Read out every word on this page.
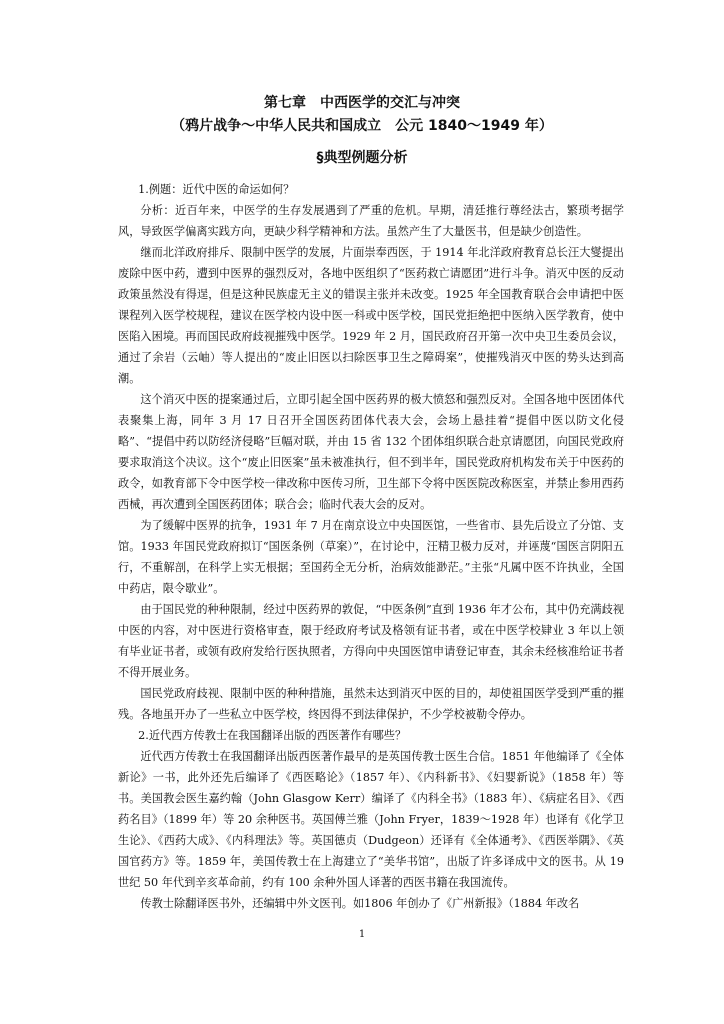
第七章　中西医学的交汇与冲突
（鸦片战争～中华人民共和国成立　公元 1840～1949 年）
§典型例题分析

1.例题：近代中医的命运如何？

分析：近百年来，中医学的生存发展遇到了严重的危机。早期，清廷推行尊经法古，繁琐考据学风，导致医学偏离实践方向，更缺少科学精神和方法。虽然产生了大量医书，但是缺少创造性。

继而北洋政府排斥、限制中医学的发展，片面崇奉西医，于 1914 年北洋政府教育总长汪大燮提出废除中医中药，遭到中医界的强烈反对，各地中医组织了“医药救亡请愿团”进行斗争。消灭中医的反动政策虽然没有得逞，但是这种民族虚无主义的错误主张并未改变。1925 年全国教育联合会申请把中医课程列入医学校规程，建议在医学校内设中医一科或中医学校，国民党拒绝把中医纳入医学教育，使中医陷入困境。再而国民政府歧视摧残中医学。1929 年 2 月，国民政府召开第一次中央卫生委员会议，通过了余岩（云岫）等人提出的“废止旧医以扫除医事卫生之障碍案”，使摧残消灭中医的势头达到高潮。

这个消灭中医的提案通过后，立即引起全国中医药界的极大愤怒和强烈反对。全国各地中医团体代表聚集上海，同年 3 月 17 日召开全国医药团体代表大会，会场上悬挂着“提倡中医以防文化侵略”、“提倡中药以防经济侵略”巨幅对联，并由 15 省 132 个团体组织联合赴京请愿团，向国民党政府要求取消这个决议。这个“废止旧医案”虽未被准执行，但不到半年，国民党政府机构发布关于中医药的政令，如教育部下令中医学校一律改称中医传习所，卫生部下令将中医医院改称医室，并禁止参用西药西械，再次遭到全国医药团体；联合会；临时代表大会的反对。

为了缓解中医界的抗争，1931 年 7 月在南京设立中央国医馆，一些省市、县先后设立了分馆、支馆。1933 年国民党政府拟订“国医条例（草案）”，在讨论中，汪精卫极力反对，并诬蔑“国医言阴阳五行，不重解剖，在科学上实无根据；至国药全无分析，治病效能渺茫。”主张“凡属中医不许执业，全国中药店，限令歇业”。

由于国民党的种种限制，经过中医药界的敦促，“中医条例”直到 1936 年才公布，其中仍充满歧视中医的内容，对中医进行资格审查，限于经政府考试及格领有证书者，或在中医学校肄业 3 年以上领有毕业证书者，或领有政府发给行医执照者，方得向中央国医馆申请登记审查，其余未经核准给证书者不得开展业务。

国民党政府歧视、限制中医的种种措施，虽然未达到消灭中医的目的，却使祖国医学受到严重的摧残。各地虽开办了一些私立中医学校，终因得不到法律保护，不少学校被勒令停办。

2.近代西方传教士在我国翻译出版的西医著作有哪些？

近代西方传教士在我国翻译出版西医著作最早的是英国传教士医生合信。1851 年他编译了《全体新论》一书，此外还先后编译了《西医略论》（1857 年）、《内科新书》、《妇婴新说》（1858 年）等书。美国教会医生嘉约翰（John Glasgow Kerr）编译了《内科全书》（1883 年）、《病症名目》、《西药名目》（1899 年）等 20 余种医书。英国傅兰雅（John Fryer，1839～1928 年）也译有《化学卫生论》、《西药大成》、《内科理法》等。英国德贞（Dudgeon）还译有《全体通考》、《西医举隅》、《英国官药方》等。1859 年，美国传教士在上海建立了“美华书馆”，出版了许多译成中文的医书。从 19 世纪 50 年代到辛亥革命前，约有 100 余种外国人译著的西医书籍在我国流传。

传教士除翻译医书外，还编辑中外文医刊。如1806 年创办了《广州新报》（1884 年改名

1
